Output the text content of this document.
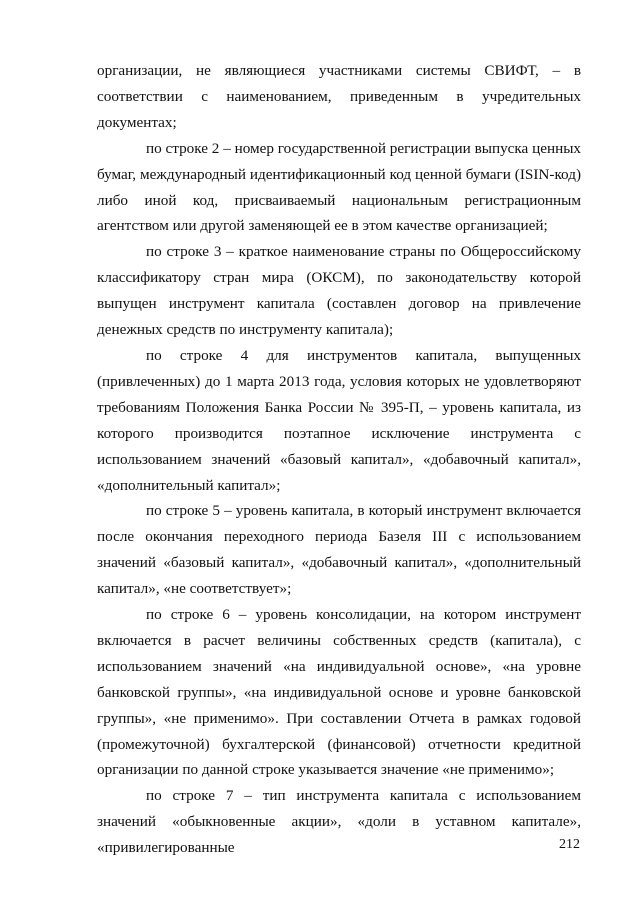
организации, не являющиеся участниками системы СВИФТ, – в соответствии с наименованием, приведенным в учредительных документах;

по строке 2 – номер государственной регистрации выпуска ценных бумаг, международный идентификационный код ценной бумаги (ISIN-код) либо иной код, присваиваемый национальным регистрационным агентством или другой заменяющей ее в этом качестве организацией;

по строке 3 – краткое наименование страны по Общероссийскому классификатору стран мира (ОКСМ), по законодательству которой выпущен инструмент капитала (составлен договор на привлечение денежных средств по инструменту капитала);

по строке 4 для инструментов капитала, выпущенных (привлеченных) до 1 марта 2013 года, условия которых не удовлетворяют требованиям Положения Банка России № 395-П, – уровень капитала, из которого производится поэтапное исключение инструмента с использованием значений «базовый капитал», «добавочный капитал», «дополнительный капитал»;

по строке 5 – уровень капитала, в который инструмент включается после окончания переходного периода Базеля III с использованием значений «базовый капитал», «добавочный капитал», «дополнительный капитал», «не соответствует»;

по строке 6 – уровень консолидации, на котором инструмент включается в расчет величины собственных средств (капитала), с использованием значений «на индивидуальной основе», «на уровне банковской группы», «на индивидуальной основе и уровне банковской группы», «не применимо». При составлении Отчета в рамках годовой (промежуточной) бухгалтерской (финансовой) отчетности кредитной организации по данной строке указывается значение «не применимо»;

по строке 7 – тип инструмента капитала с использованием значений «обыкновенные акции», «доли в уставном капитале», «привилегированные	212
